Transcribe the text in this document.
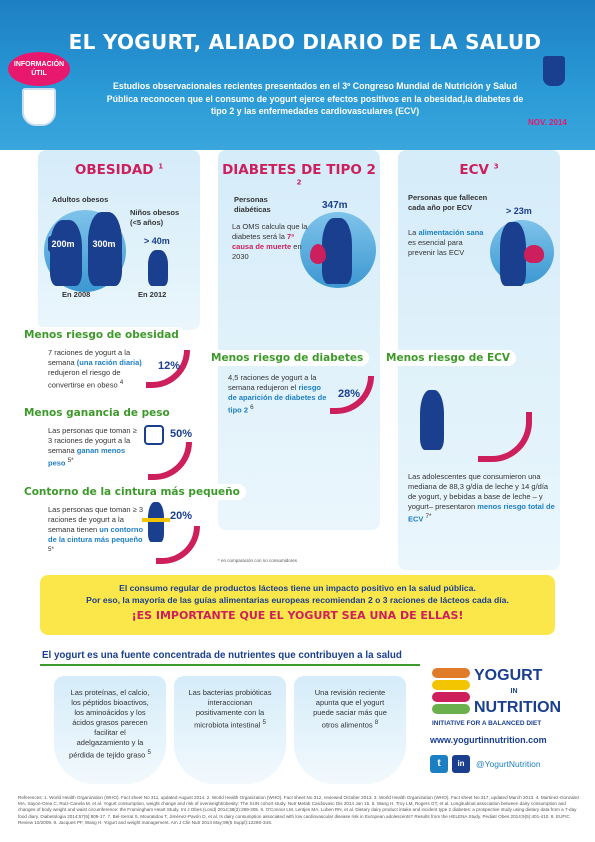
INFORMACIÓN ÚTIL
EL YOGURT, ALIADO DIARIO DE LA SALUD
Estudios observacionales recientes presentados en el 3º Congreso Mundial de Nutrición y Salud Pública reconocen que el consumo de yogurt ejerce efectos positivos en la obesidad,la diabetes de tipo 2 y las enfermedades cardiovasculares (ECV)
NOV. 2014
OBESIDAD $^1$
Adultos obesos
Niños obesos (<5 años)
200m	300m	> 40m
En 2008	En 2012
DIABETES DE TIPO 2 $^2$
Personas diabéticas	347m
La OMS calcula que la diabetes será la 7ª causa de muerte en 2030
ECV $^3$
Personas que fallecen cada año por ECV	> 23m
La alimentación sana es esencial para prevenir las ECV
Menos riesgo de obesidad
7 raciones de yogurt a la semana (una ración diaria) redujeron el riesgo de convertirse en obeso $^4$
12%
Menos ganancia de peso
Las personas que toman ≥ 3 raciones de yogurt a la semana ganan menos peso $^{5*}$
50%
Contorno de la cintura más pequeño
Las personas que toman ≥ 3 raciones de yogurt a la semana tienen un contorno de la cintura más pequeño $^{5*}$
20%
Menos riesgo de diabetes
4,5 raciones de yogurt a la semana redujeron el riesgo de aparición de diabetes de tipo 2 $^6$
28%
Menos riesgo de ECV
Las adolescentes que consumieron una mediana de 88,3 g/día de leche y 14 g/día de yogurt, y bebidas a base de leche – y yogurt– presentaron menos riesgo total de ECV $^{7*}$
* en comparación con no consumidores
El consumo regular de productos lácteos tiene un impacto positivo en la salud pública.
Por eso, la mayoría de las guías alimentarias europeas recomiendan 2 o 3 raciones de lácteos cada día.
¡ES IMPORTANTE QUE EL YOGURT SEA UNA DE ELLAS!
El yogurt es una fuente concentrada de nutrientes que contribuyen a la salud
Las proteínas, el calcio, los péptidos bioactivos, los aminoácidos y los ácidos grasos parecen facilitar el adelgazamiento y la pérdida de tejido graso $^5$
Las bacterias probióticas interaccionan positivamente con la microbiota intestinal $^5$
Una revisión reciente apunta que el yogurt puede saciar más que otros alimentos $^8$
YOGURT
IN
NUTRITION
INITIATIVE FOR A BALANCED DIET
www.yogurtinnutrition.com
t	in	@YogurtNutrition
References: 1. World Health Organization (WHO). Fact sheet No 311, updated August 2014. 2. World Health Organization (WHO). Fact sheet No 312, reviewed October 2013. 3. World Health Organization (WHO). Fact sheet No 317, updated March 2013. 4. Martinez-Gonzalez MA, Sayon-Orea C, Ruiz-Canela M, et al. Yogurt consumption, weight change and risk of overweight/obesity: The SUN cohort study. Nutr Metab Cardiovasc Dis 2014 Jan 15. 5. Wang H, Troy LM, Rogers GT, et al. Longitudinal association between dairy consumption and changes of body weight and waist circumference: the Framingham Heart Study. Int J Obes (Lond) 2014;38(2):299-305. 6. O'Connor LM, Lentjes MA, Luben RN, et al. Dietary dairy product intake and incident type 2 diabetes: a prospective study using dietary data from a 7-day food diary. Diabetologia 2014;57(5):909-17. 7. Bel-Serrat S, Mouratidou T, Jiménez-Pavón D, et al. Is dairy consumption associated with low cardiovascular disease risk in European adolescents? Results from the HELENA Study. Pediatr Obes 2014;9(5):401-410. 8. EUFIC Review 10/2009. 9. Jacques PF, Wang H. Yogurt and weight management. Am J Clin Nutr 2014 May;99(5 Suppl):1229S-34S.
